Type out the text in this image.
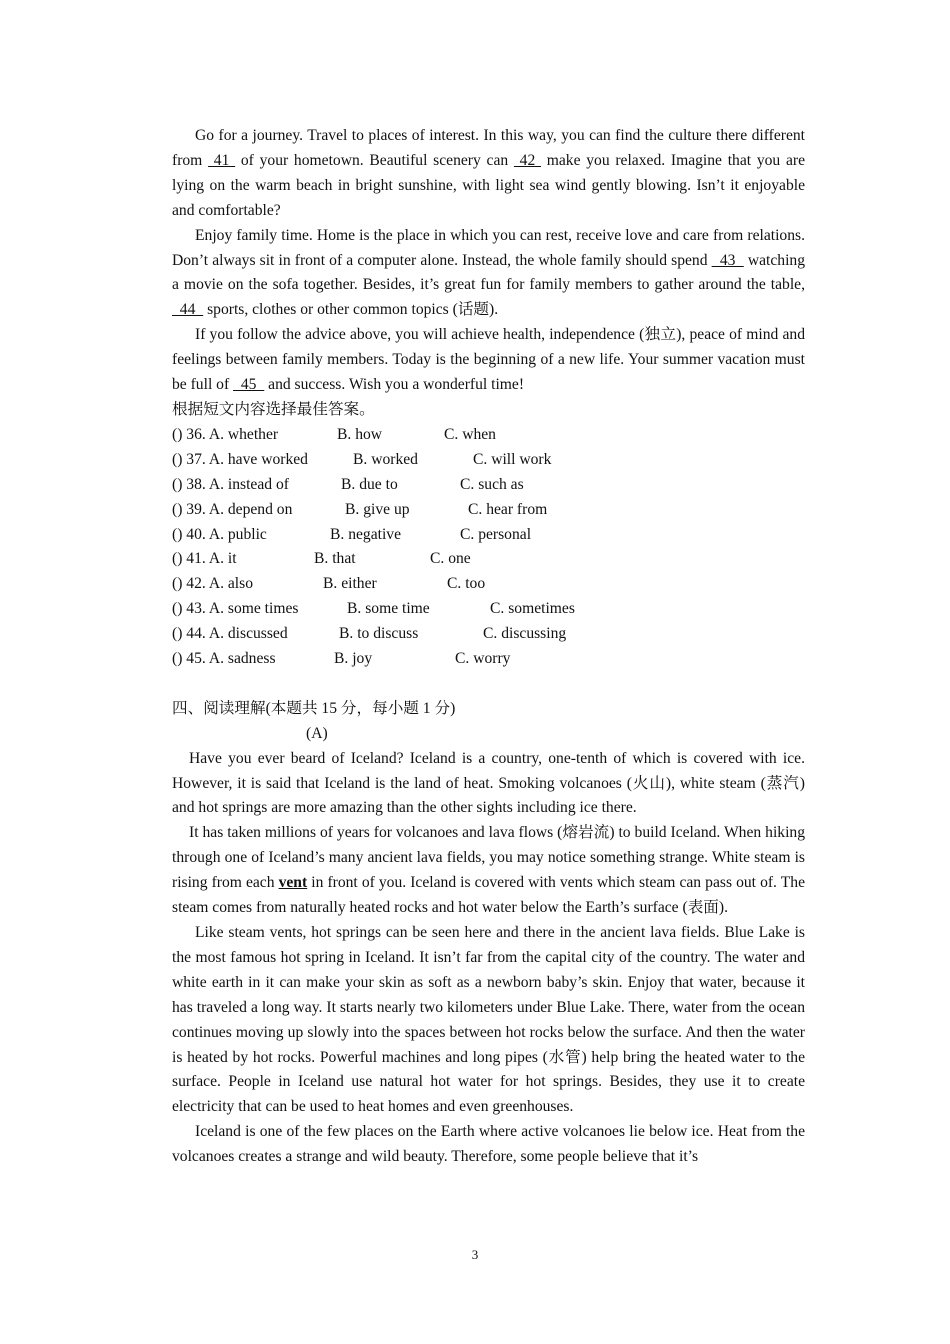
Go for a journey. Travel to places of interest. In this way, you can find the culture there different from  41  of your hometown. Beautiful scenery can  42  make you relaxed. Imagine that you are lying on the warm beach in bright sunshine, with light sea wind gently blowing. Isn’t it enjoyable and comfortable?

Enjoy family time. Home is the place in which you can rest, receive love and care from relations. Don’t always sit in front of a computer alone. Instead, the whole family should spend   43   watching a movie on the sofa together. Besides, it’s great fun for family members to gather around the table,  44   sports, clothes or other common topics (话题).

If you follow the advice above, you will achieve health, independence (独立), peace of mind and feelings between family members. Today is the beginning of a new life. Your summer vacation must be full of   45   and success. Wish you a wonderful time!

根据短文内容选择最佳答案。

() 36. A. whether	B. how	C. when
() 37. A. have worked	B. worked	C. will work
() 38. A. instead of	B. due to	C. such as
() 39. A. depend on	B. give up	C. hear from
() 40. A. public	B. negative	C. personal
() 41. A. it	B. that	C. one
() 42. A. also	B. either	C. too
() 43. A. some times	B. some time	C. sometimes
() 44. A. discussed	B. to discuss	C. discussing
() 45. A. sadness	B. joy	C. worry

四、阅读理解(本题共 15 分，每小题 1 分)

(A)

Have you ever beard of Iceland? Iceland is a country, one-tenth of which is covered with ice. However, it is said that Iceland is the land of heat. Smoking volcanoes (火山), white steam (蒸汽) and hot springs are more amazing than the other sights including ice there.

It has taken millions of years for volcanoes and lava flows (熔岩流) to build Iceland. When hiking through one of Iceland’s many ancient lava fields, you may notice something strange. White steam is rising from each vent in front of you. Iceland is covered with vents which steam can pass out of. The steam comes from naturally heated rocks and hot water below the Earth’s surface (表面).

Like steam vents, hot springs can be seen here and there in the ancient lava fields. Blue Lake is the most famous hot spring in Iceland. It isn’t far from the capital city of the country. The water and white earth in it can make your skin as soft as a newborn baby’s skin. Enjoy that water, because it has traveled a long way. It starts nearly two kilometers under Blue Lake. There, water from the ocean continues moving up slowly into the spaces between hot rocks below the surface. And then the water is heated by hot rocks. Powerful machines and long pipes (水管) help bring the heated water to the surface. People in Iceland use natural hot water for hot springs. Besides, they use it to create electricity that can be used to heat homes and even greenhouses.

Iceland is one of the few places on the Earth where active volcanoes lie below ice. Heat from the volcanoes creates a strange and wild beauty. Therefore, some people believe that it’s

3
